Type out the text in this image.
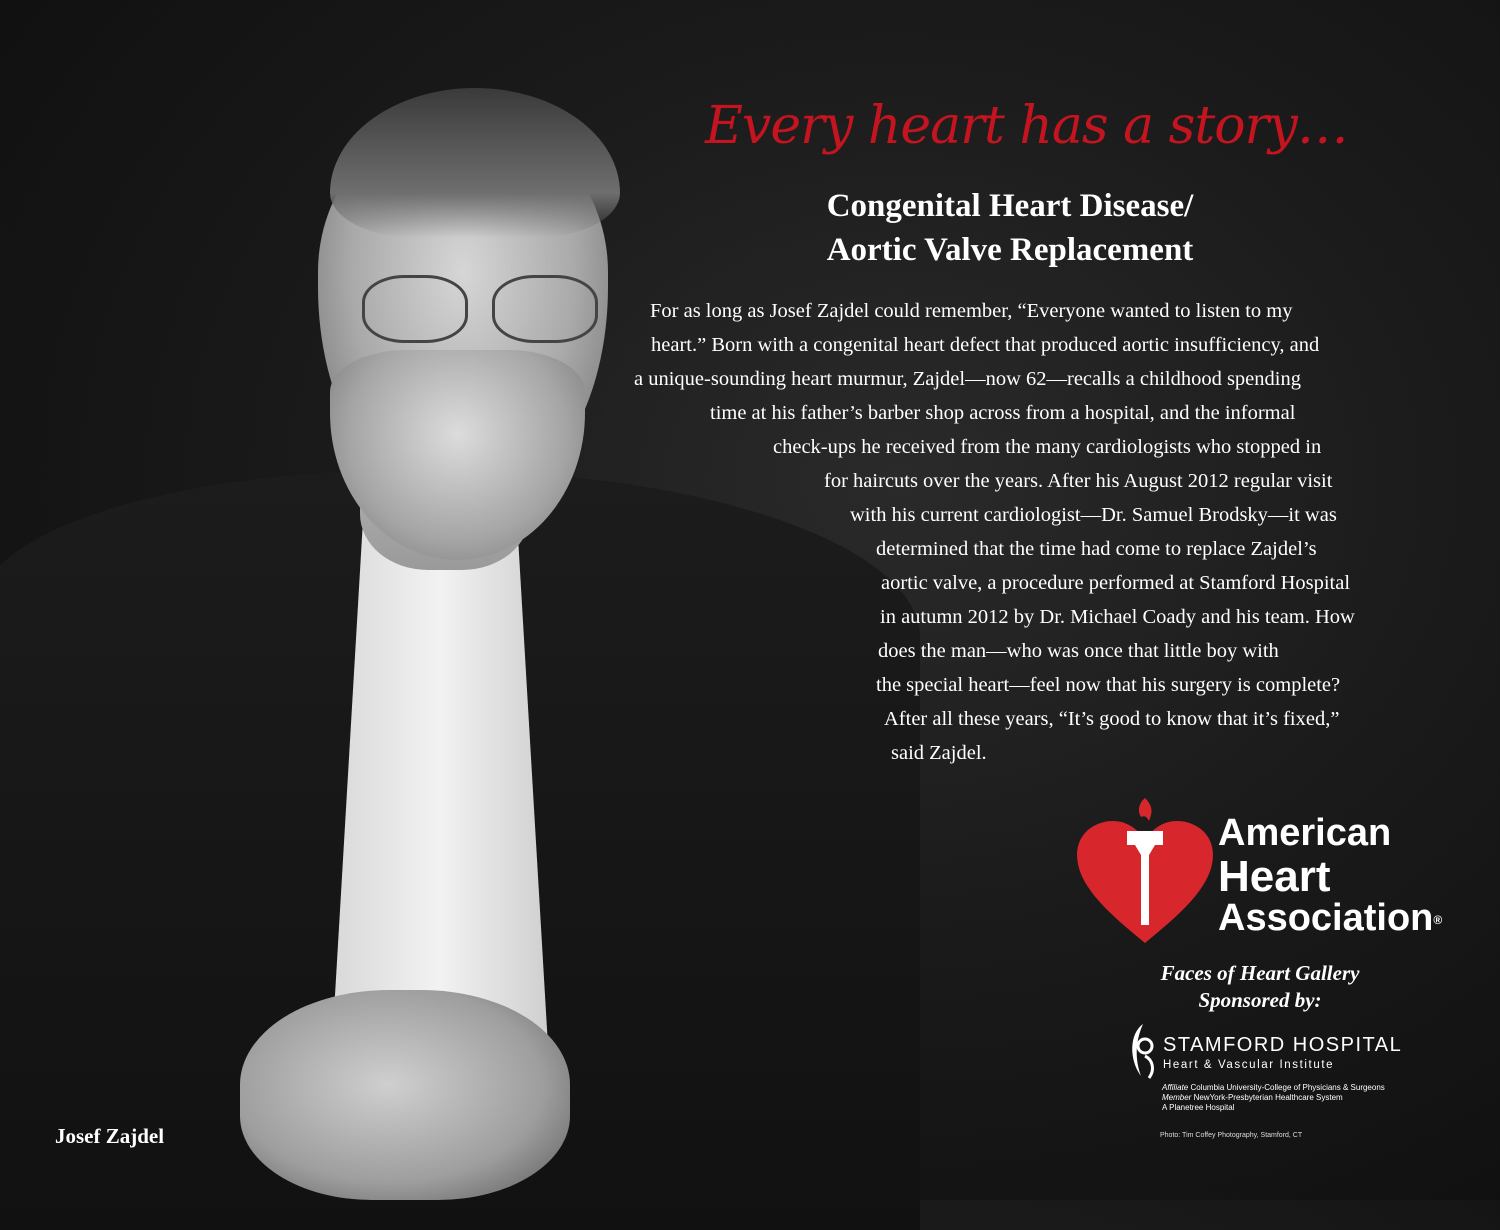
Josef Zajdel
Every heart has a story…
Congenital Heart Disease/
Aortic Valve Replacement
For as long as Josef Zajdel could remember, “Everyone wanted to listen to my
heart.” Born with a congenital heart defect that produced aortic insufficiency, and
a unique-sounding heart murmur, Zajdel—now 62—recalls a childhood spending
time at his father’s barber shop across from a hospital, and the informal
check-ups he received from the many cardiologists who stopped in
for haircuts over the years. After his August 2012 regular visit
with his current cardiologist—Dr. Samuel Brodsky—it was
determined that the time had come to replace Zajdel’s
aortic valve, a procedure performed at Stamford Hospital
in autumn 2012 by Dr. Michael Coady and his team. How
does the man—who was once that little boy with
the special heart—feel now that his surgery is complete?
After all these years, “It’s good to know that it’s fixed,”
said Zajdel.
American
Heart
Association®
Faces of Heart Gallery
Sponsored by:
STAMFORD HOSPITAL
Heart & Vascular Institute
Affiliate Columbia University-College of Physicians & Surgeons
Member NewYork-Presbyterian Healthcare System
A Planetree Hospital
Photo: Tim Coffey Photography, Stamford, CT
